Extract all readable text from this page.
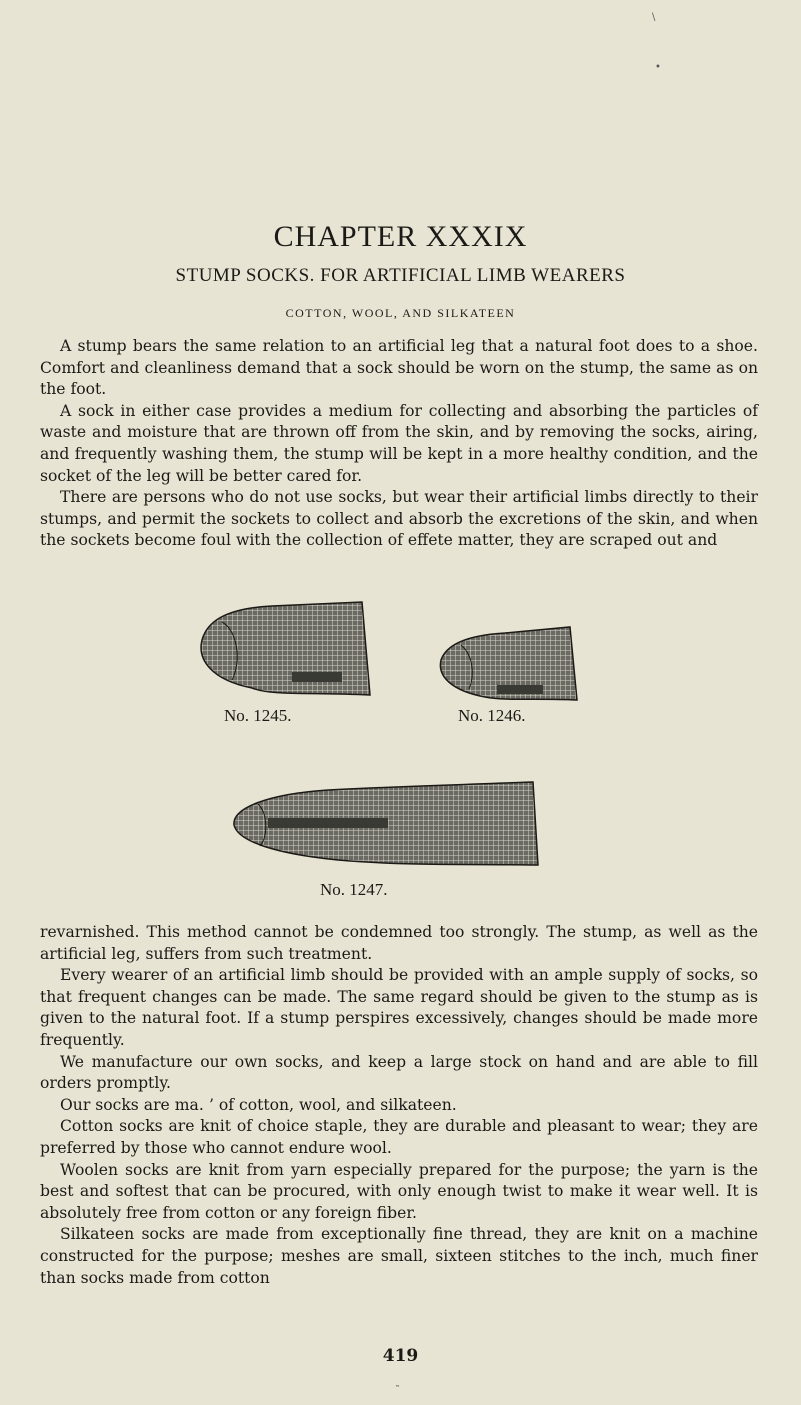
\
•
CHAPTER XXXIX
STUMP SOCKS. FOR ARTIFICIAL LIMB WEARERS
COTTON, WOOL, AND SILKATEEN

A stump bears the same relation to an artificial leg that a natural foot does to a shoe. Comfort and cleanliness demand that a sock should be worn on the stump, the same as on the foot.

A sock in either case provides a medium for collecting and absorbing the particles of waste and moisture that are thrown off from the skin, and by removing the socks, airing, and frequently washing them, the stump will be kept in a more healthy condition, and the socket of the leg will be better cared for.

There are persons who do not use socks, but wear their artificial limbs directly to their stumps, and permit the sockets to collect and absorb the excretions of the skin, and when the sockets become foul with the collection of effete matter, they are scraped out and

No. 1245.	No. 1246.
No. 1247.

revarnished. This method cannot be condemned too strongly. The stump, as well as the artificial leg, suffers from such treatment.

Every wearer of an artificial limb should be provided with an ample supply of socks, so that frequent changes can be made. The same regard should be given to the stump as is given to the natural foot. If a stump perspires excessively, changes should be made more frequently.

We manufacture our own socks, and keep a large stock on hand and are able to fill orders promptly.

Our socks are ma․ ’ of cotton, wool, and silkateen.

Cotton socks are knit of choice staple, they are durable and pleasant to wear; they are preferred by those who cannot endure wool.

Woolen socks are knit from yarn especially prepared for the purpose; the yarn is the best and softest that can be procured, with only enough twist to make it wear well. It is absolutely free from cotton or any foreign fiber.

Silkateen socks are made from exceptionally fine thread, they are knit on a machine constructed for the purpose; meshes are small, sixteen stitches to the inch, much finer than socks made from cotton

419
˜
